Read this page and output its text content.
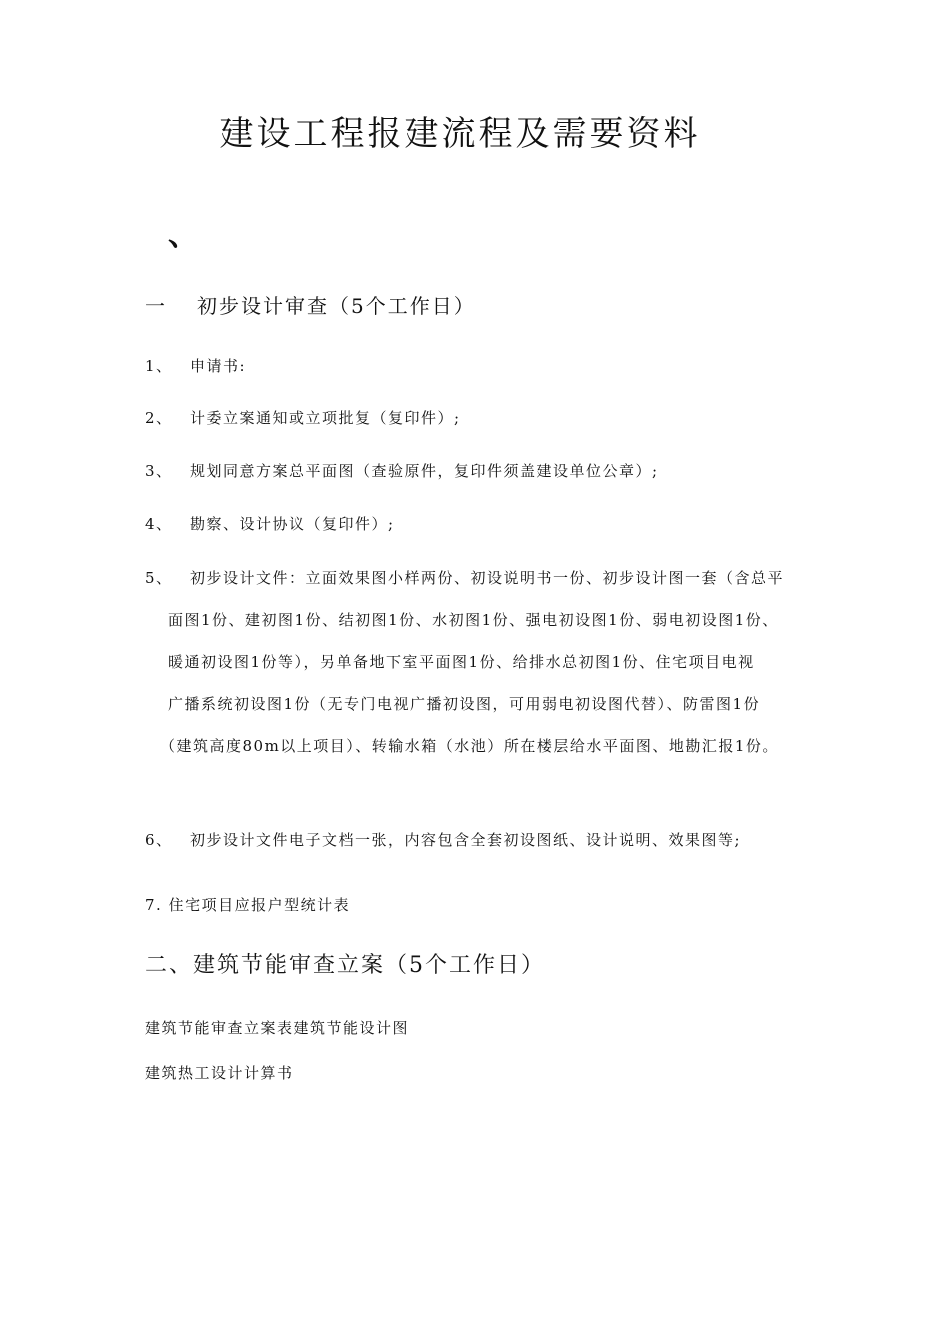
建设工程报建流程及需要资料
、
一 初步设计审查（5个工作日）
1、 申请书:
2、 计委立案通知或立项批复（复印件）;
3、 规划同意方案总平面图（查验原件，复印件须盖建设单位公章）;
4、 勘察、设计协议（复印件）;
5、 初步设计文件：立面效果图小样两份、初设说明书一份、初步设计图一套（含总平
面图1份、建初图1份、结初图1份、水初图1份、强电初设图1份、弱电初设图1份、
暖通初设图1份等），另单备地下室平面图1份、给排水总初图1份、住宅项目电视
广播系统初设图1份（无专门电视广播初设图，可用弱电初设图代替）、防雷图1份
（建筑高度80m以上项目）、转输水箱（水池）所在楼层给水平面图、地勘汇报1份。
6、 初步设计文件电子文档一张，内容包含全套初设图纸、设计说明、效果图等;
7. 住宅项目应报户型统计表
二、建筑节能审查立案（5个工作日）
建筑节能审查立案表建筑节能设计图
建筑热工设计计算书
